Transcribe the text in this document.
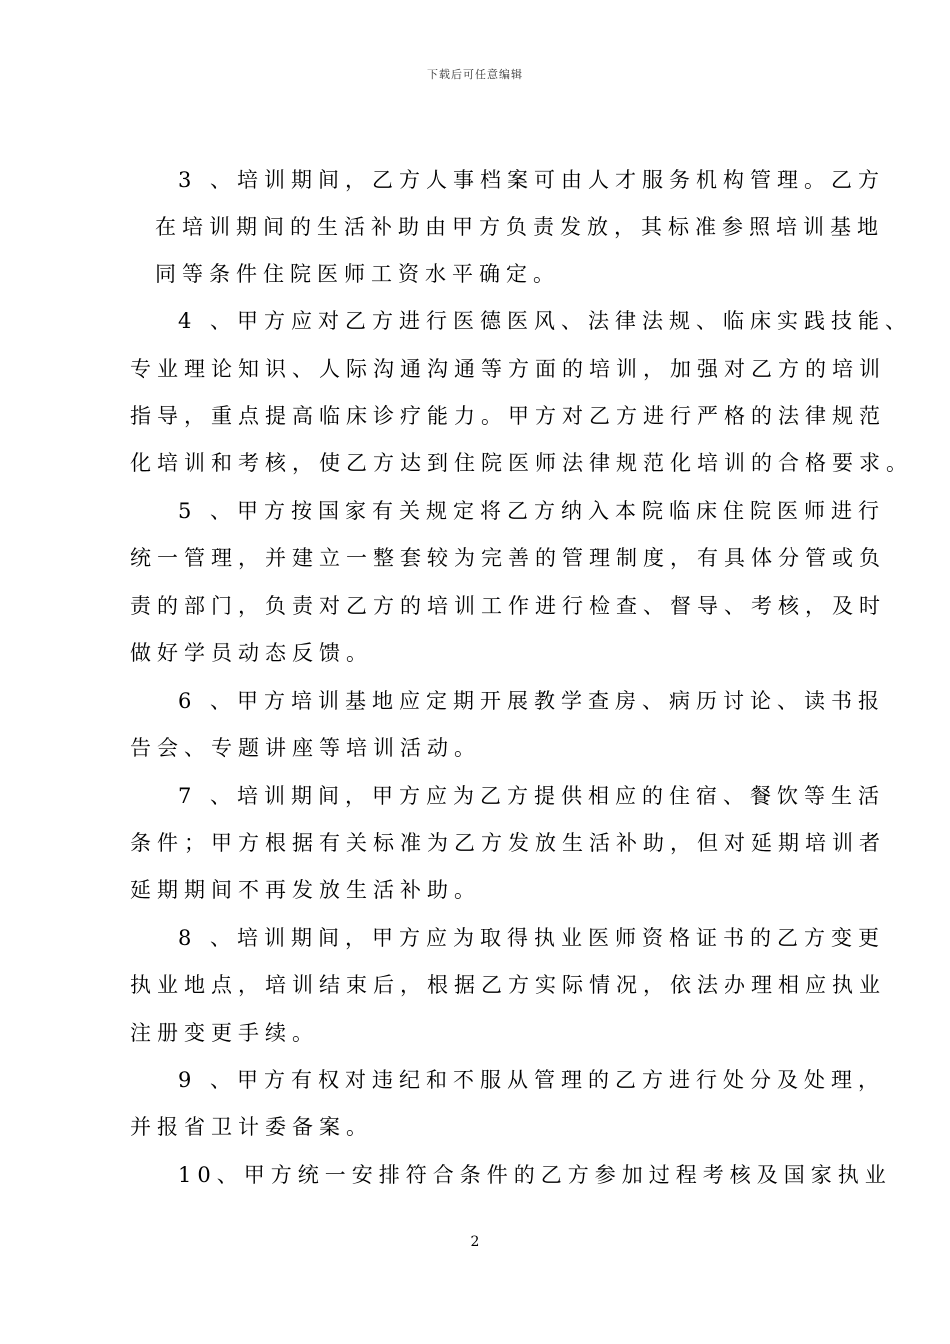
下载后可任意编辑
3 、培训期间，乙方人事档案可由人才服务机构管理。乙方
在培训期间的生活补助由甲方负责发放，其标准参照培训基地
同等条件住院医师工资水平确定。
4 、甲方应对乙方进行医德医风、法律法规、临床实践技能、
专业理论知识、人际沟通沟通等方面的培训，加强对乙方的培训
指导，重点提高临床诊疗能力。甲方对乙方进行严格的法律规范
化培训和考核，使乙方达到住院医师法律规范化培训的合格要求。
5 、甲方按国家有关规定将乙方纳入本院临床住院医师进行
统一管理，并建立一整套较为完善的管理制度，有具体分管或负
责的部门，负责对乙方的培训工作进行检查、督导、考核，及时
做好学员动态反馈。
6 、甲方培训基地应定期开展教学查房、病历讨论、读书报
告会、专题讲座等培训活动。
7 、培训期间，甲方应为乙方提供相应的住宿、餐饮等生活
条件；甲方根据有关标准为乙方发放生活补助，但对延期培训者
延期期间不再发放生活补助。
8 、培训期间，甲方应为取得执业医师资格证书的乙方变更
执业地点，培训结束后，根据乙方实际情况，依法办理相应执业
注册变更手续。
9 、甲方有权对违纪和不服从管理的乙方进行处分及处理，
并报省卫计委备案。
10、甲方统一安排符合条件的乙方参加过程考核及国家执业
2
